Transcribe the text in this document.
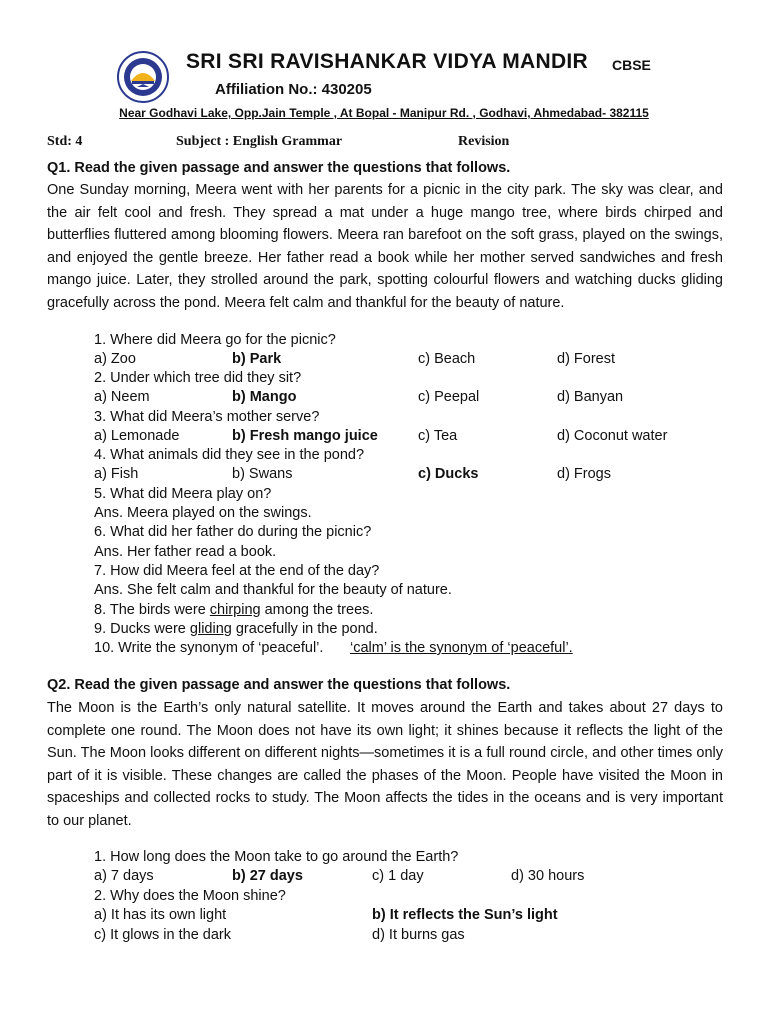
SRI SRI RAVISHANKAR VIDYA MANDIR CBSE
Affiliation No.: 430205
Near Godhavi Lake, Opp.Jain Temple , At Bopal - Manipur Rd. , Godhavi, Ahmedabad- 382115
Std: 4	Subject : English Grammar	Revision
Q1. Read the given passage and answer the questions that follows.

One Sunday morning, Meera went with her parents for a picnic in the city park. The sky was clear, and the air felt cool and fresh. They spread a mat under a huge mango tree, where birds chirped and butterflies fluttered among blooming flowers. Meera ran barefoot on the soft grass, played on the swings, and enjoyed the gentle breeze. Her father read a book while her mother served sandwiches and fresh mango juice. Later, they strolled around the park, spotting colourful flowers and watching ducks gliding gracefully across the pond. Meera felt calm and thankful for the beauty of nature.

1. Where did Meera go for the picnic?
a) Zoo	b) Park	c) Beach	d) Forest
2. Under which tree did they sit?
a) Neem	b) Mango	c) Peepal	d) Banyan
3. What did Meera’s mother serve?
a) Lemonade	b) Fresh mango juice	c) Tea	d) Coconut water
4. What animals did they see in the pond?
a) Fish	b) Swans	c) Ducks	d) Frogs
5. What did Meera play on?
Ans. Meera played on the swings.
6. What did her father do during the picnic?
Ans. Her father read a book.
7. How did Meera feel at the end of the day?
Ans. She felt calm and thankful for the beauty of nature.
8. The birds were chirping among the trees.
9. Ducks were gliding gracefully in the pond.
10. Write the synonym of ‘peaceful’. ‘calm’ is the synonym of ‘peaceful’.
Q2. Read the given passage and answer the questions that follows.

The Moon is the Earth’s only natural satellite. It moves around the Earth and takes about 27 days to complete one round. The Moon does not have its own light; it shines because it reflects the light of the Sun. The Moon looks different on different nights—sometimes it is a full round circle, and other times only part of it is visible. These changes are called the phases of the Moon. People have visited the Moon in spaceships and collected rocks to study. The Moon affects the tides in the oceans and is very important to our planet.

1. How long does the Moon take to go around the Earth?
a) 7 days	b) 27 days	c) 1 day	d) 30 hours
2. Why does the Moon shine?
a) It has its own light	b) It reflects the Sun’s light
c) It glows in the dark	d) It burns gas
